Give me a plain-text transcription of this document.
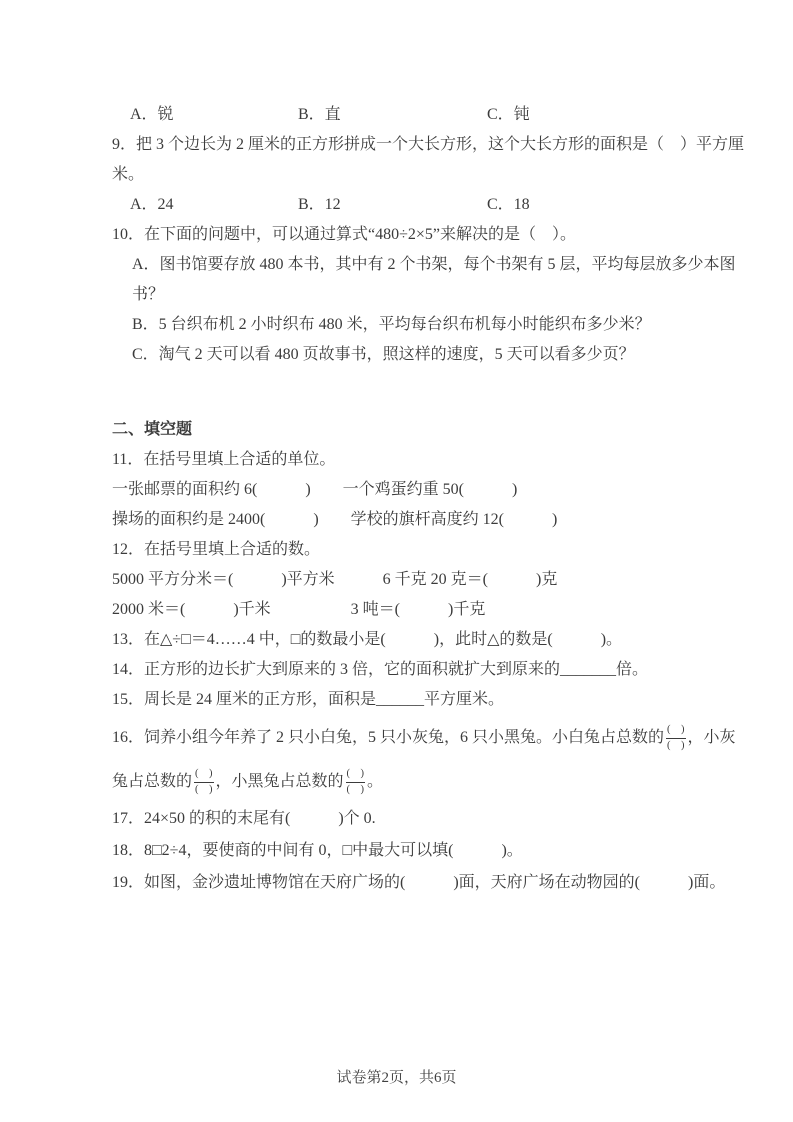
A．锐	B．直	C．钝
9．把 3 个边长为 2 厘米的正方形拼成一个大长方形，这个大长方形的面积是（　）平方厘
米。
A．24	B．12	C．18
10．在下面的问题中，可以通过算式“480÷2×5”来解决的是（　）。
A．图书馆要存放 480 本书，其中有 2 个书架，每个书架有 5 层，平均每层放多少本图
书？
B．5 台织布机 2 小时织布 480 米，平均每台织布机每小时能织布多少米？
C．淘气 2 天可以看 480 页故事书，照这样的速度，5 天可以看多少页？
二、填空题
11．在括号里填上合适的单位。
一张邮票的面积约 6(　　　)　　一个鸡蛋约重 50(　　　)
操场的面积约是 2400(　　　)　　学校的旗杆高度约 12(　　　)
12．在括号里填上合适的数。
5000 平方分米＝(　　　)平方米　　　6 千克 20 克＝(　　　)克
2000 米＝(　　　)千米　　　　　3 吨＝(　　　)千克
13．在△÷□＝4……4 中，□的数最小是(　　　)，此时△的数是(　　　)。
14．正方形的边长扩大到原来的 3 倍，它的面积就扩大到原来的_______倍。
15．周长是 24 厘米的正方形，面积是______平方厘米。
16．饲养小组今年养了 2 只小白兔，5 只小灰兔，6 只小黑兔。小白兔占总数的 $\frac{( )}{( )}$ ，小灰
兔占总数的 $\frac{( )}{( )}$ ，小黑兔占总数的 $\frac{( )}{( )}$ 。
17．24×50 的积的末尾有(　　　)个 0.
18．8□2÷4，要使商的中间有 0，□中最大可以填(　　　)。
19．如图，金沙遗址博物馆在天府广场的(　　　)面，天府广场在动物园的(　　　)面。
试卷第2页，共6页
